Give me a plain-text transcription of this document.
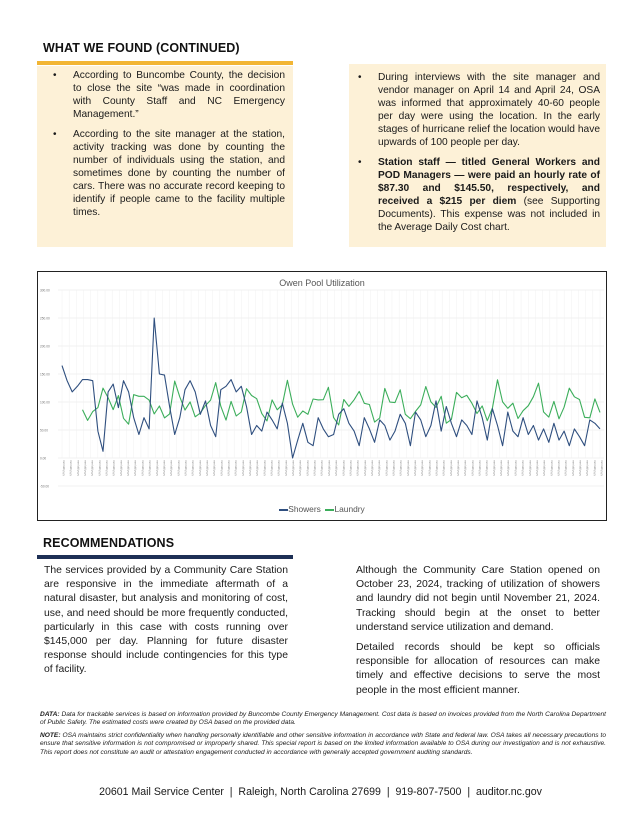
WHAT WE FOUND (CONTINUED)
• According to Buncombe County, the decision to close the site “was made in coordination with County Staff and NC Emergency Management.”
• According to the site manager at the station, activity tracking was done by counting the number of individuals using the station, and sometimes done by counting the number of cars. There was no accurate record keeping to identify if people came to the facility multiple times.
• During interviews with the site manager and vendor manager on April 14 and April 24, OSA was informed that approximately 40-60 people per day were using the location. In the early stages of hurricane relief the location would have upwards of 100 people per day.
• Station staff — titled General Workers and POD Managers — were paid an hourly rate of $87.30 and $145.50, respectively, and received a $215 per diem (see Supporting Documents). This expense was not included in the Average Daily Cost chart.
300.00
250.00
200.00
150.00
100.00
50.00
0.00
-50.00
mm/dd/yyyy mm/dd/yyyy mm/dd/yyyy mm/dd/yyyy mm/dd/yyyy mm/dd/yyyy mm/dd/yyyy mm/dd/yyyy mm/dd/yyyy mm/dd/yyyy mm/dd/yyyy mm/dd/yyyy mm/dd/yyyy mm/dd/yyyy mm/dd/yyyy mm/dd/yyyy mm/dd/yyyy mm/dd/yyyy mm/dd/yyyy mm/dd/yyyy mm/dd/yyyy mm/dd/yyyy mm/dd/yyyy mm/dd/yyyy mm/dd/yyyy mm/dd/yyyy mm/dd/yyyy mm/dd/yyyy mm/dd/yyyy mm/dd/yyyy mm/dd/yyyy mm/dd/yyyy mm/dd/yyyy mm/dd/yyyy mm/dd/yyyy mm/dd/yyyy mm/dd/yyyy mm/dd/yyyy mm/dd/yyyy mm/dd/yyyy mm/dd/yyyy mm/dd/yyyy mm/dd/yyyy mm/dd/yyyy mm/dd/yyyy mm/dd/yyyy mm/dd/yyyy mm/dd/yyyy mm/dd/yyyy mm/dd/yyyy mm/dd/yyyy mm/dd/yyyy mm/dd/yyyy mm/dd/yyyy mm/dd/yyyy mm/dd/yyyy mm/dd/yyyy mm/dd/yyyy mm/dd/yyyy mm/dd/yyyy mm/dd/yyyy mm/dd/yyyy mm/dd/yyyy mm/dd/yyyy mm/dd/yyyy mm/dd/yyyy mm/dd/yyyy mm/dd/yyyy mm/dd/yyyy mm/dd/yyyy mm/dd/yyyy mm/dd/yyyy mm/dd/yyyy mm/dd/yyyy mm/dd/yyyy mm/dd/yyyy
Owen Pool Utilization
Showers Laundry
RECOMMENDATIONS
The services provided by a Community Care Station are responsive in the immediate aftermath of a natural disaster, but analysis and monitoring of cost, use, and need should be more frequently conducted, particularly in this case with costs running over $145,000 per day. Planning for future disaster response should include contingencies for this type of facility.
Although the Community Care Station opened on October 23, 2024, tracking of utilization of showers and laundry did not begin until November 21, 2024. Tracking should begin at the onset to better understand service utilization and demand.
Detailed records should be kept so officials responsible for allocation of resources can make timely and effective decisions to serve the most people in the most efficient manner.
DATA: Data for trackable services is based on information provided by Buncombe County Emergency Management. Cost data is based on invoices provided from the North Carolina Department of Public Safety. The estimated costs were created by OSA based on the provided data.
NOTE: OSA maintains strict confidentiality when handling personally identifiable and other sensitive information in accordance with State and federal law. OSA takes all necessary precautions to ensure that sensitive information is not compromised or improperly shared. This special report is based on the limited information available to OSA during our investigation and is not exhaustive. This report does not constitute an audit or attestation engagement conducted in accordance with generally accepted government auditing standards.
20601 Mail Service Center  |  Raleigh, North Carolina 27699  |  919-807-7500  |  auditor.nc.gov
